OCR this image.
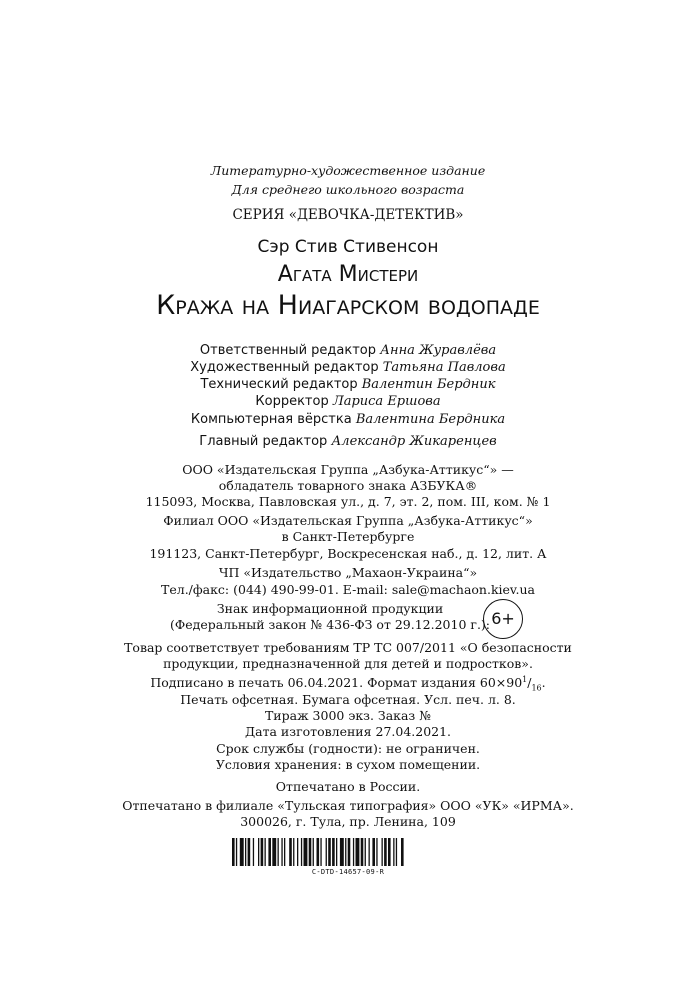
Литературно-художественное издание
Для среднего школьного возраста
СЕРИЯ «ДЕВОЧКА-ДЕТЕКТИВ»
Сэр Стив Стивенсон
Агата Мистери
Кража на Ниагарском водопаде
Ответственный редактор Анна Журавлёва
Художественный редактор Татьяна Павлова
Технический редактор Валентин Бердник
Корректор Лариса Ершова
Компьютерная вёрстка Валентина Бердника
Главный редактор Александр Жикаренцев
ООО «Издательская Группа „Азбука-Аттикус“» —
обладатель товарного знака АЗБУКА®
115093, Москва, Павловская ул., д. 7, эт. 2, пом. III, ком. № 1
Филиал ООО «Издательская Группа „Азбука-Аттикус“»
в Санкт-Петербурге
191123, Санкт-Петербург, Воскресенская наб., д. 12, лит. А
ЧП «Издательство „Махаон-Украина“»
Тел./факс: (044) 490-99-01. E-mail: sale@machaon.kiev.ua
Знак информационной продукции
(Федеральный закон № 436-ФЗ от 29.12.2010 г.): 6+
Товар соответствует требованиям ТР ТС 007/2011 «О безопасности
продукции, предназначенной для детей и подростков».
Подписано в печать 06.04.2021. Формат издания $60\times 90^1/_{16}$.
Печать офсетная. Бумага офсетная. Усл. печ. л. 8.
Тираж 3000 экз. Заказ №
Дата изготовления 27.04.2021.
Срок службы (годности): не ограничен.
Условия хранения: в сухом помещении.
Отпечатано в России.
Отпечатано в филиале «Тульская типография» ООО «УК» «ИРМА».
300026, г. Тула, пр. Ленина, 109
C-DTD-14657-09-R
